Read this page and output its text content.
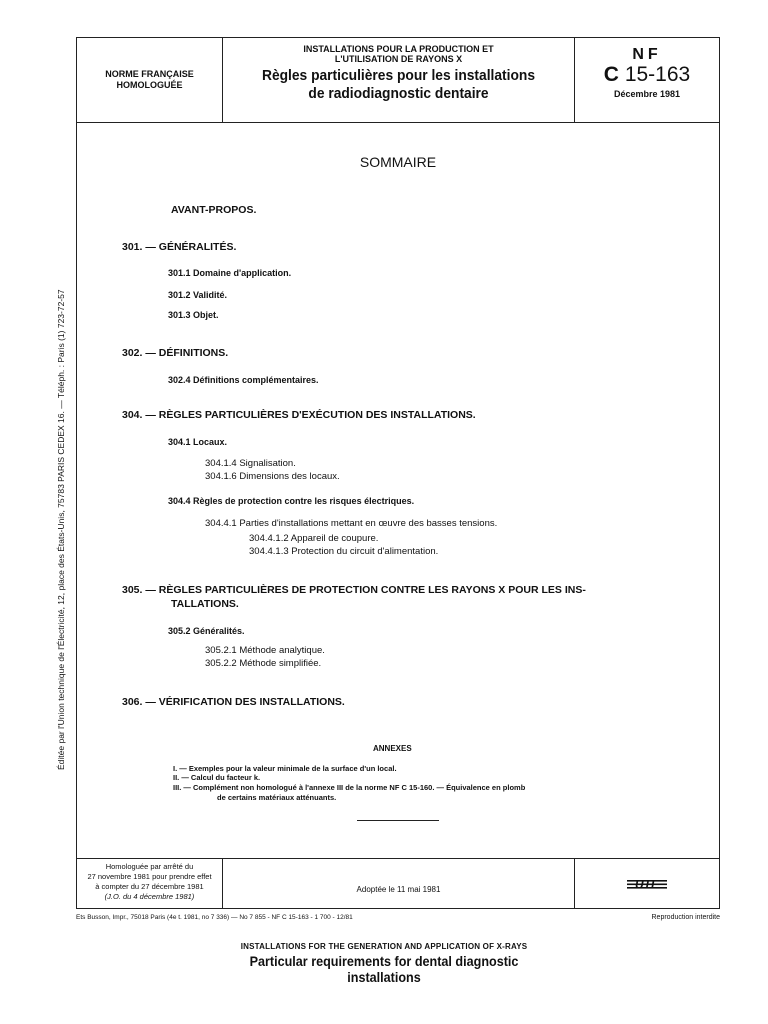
Éditée par l'Union technique de l'Électricité, 12, place des États-Unis, 75783 PARIS CEDEX 16. — Téléph. : Paris (1) 723-72-57
NORME FRANÇAISE
HOMOLOGUÉE
INSTALLATIONS POUR LA PRODUCTION ET
L'UTILISATION DE RAYONS X
Règles particulières pour les installations
de radiodiagnostic dentaire
NF
C 15-163
Décembre 1981
SOMMAIRE
AVANT-PROPOS.
301. — GÉNÉRALITÉS.
301.1 Domaine d'application.
301.2 Validité.
301.3 Objet.
302. — DÉFINITIONS.
302.4 Définitions complémentaires.
304. — RÈGLES PARTICULIÈRES D'EXÉCUTION DES INSTALLATIONS.
304.1 Locaux.
304.1.4 Signalisation.
304.1.6 Dimensions des locaux.
304.4 Règles de protection contre les risques électriques.
304.4.1 Parties d'installations mettant en œuvre des basses tensions.
304.4.1.2 Appareil de coupure.
304.4.1.3 Protection du circuit d'alimentation.
305. — RÈGLES PARTICULIÈRES DE PROTECTION CONTRE LES RAYONS X POUR LES INS-
TALLATIONS.
305.2 Généralités.
305.2.1 Méthode analytique.
305.2.2 Méthode simplifiée.
306. — VÉRIFICATION DES INSTALLATIONS.
ANNEXES
I. — Exemples pour la valeur minimale de la surface d'un local.
II. — Calcul du facteur k.
III. — Complément non homologué à l'annexe III de la norme NF C 15-160. — Équivalence en plomb
de certains matériaux atténuants.
Homologuée par arrêté du
27 novembre 1981 pour prendre effet
à compter du 27 décembre 1981
(J.O. du 4 décembre 1981)
Adoptée le 11 mai 1981	UTE
Ets Busson, Impr., 75018 Paris (4e t. 1981, no 7 336) — No 7 855 - NF C 15-163 - 1 700 - 12/81	Reproduction interdite
INSTALLATIONS FOR THE GENERATION AND APPLICATION OF X-RAYS
Particular requirements for dental diagnostic
installations
